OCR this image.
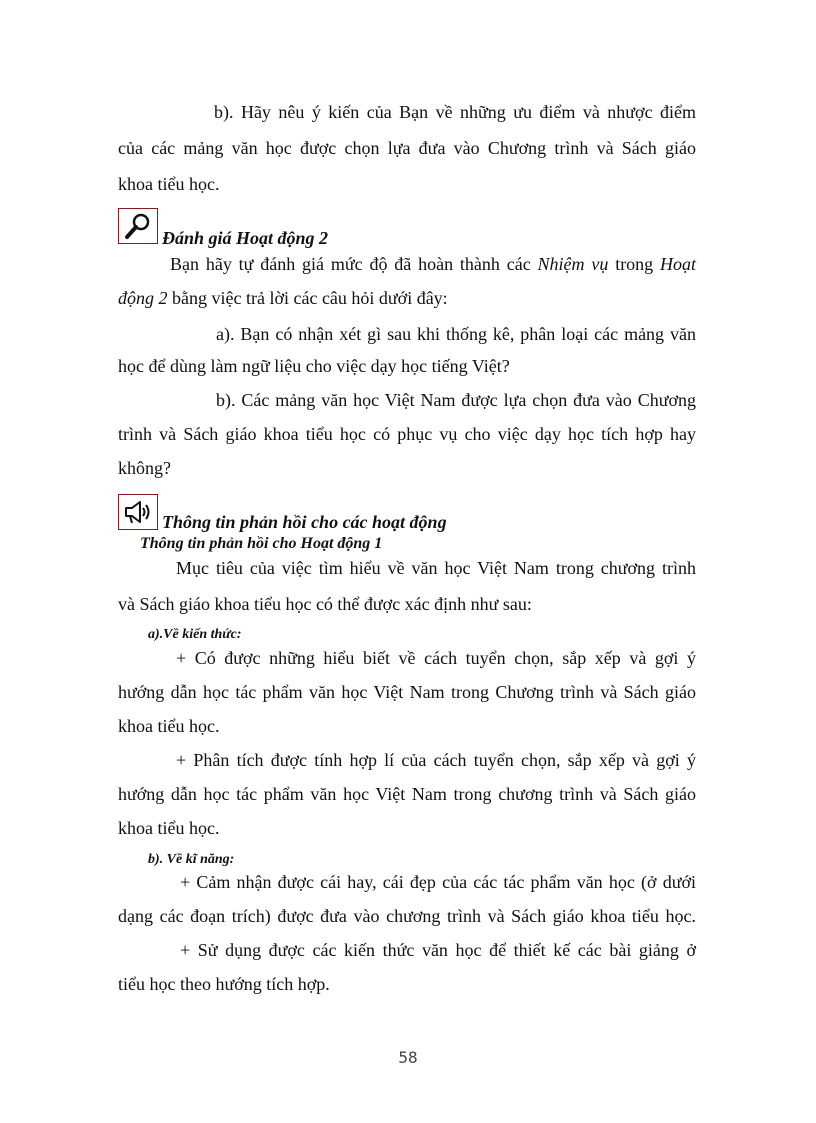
b). Hãy nêu ý kiến của Bạn về những ưu điểm và nhược điểm

của các mảng văn học được chọn lựa đưa vào Chương trình và Sách giáo

khoa tiểu học.

Đánh giá Hoạt động 2

Bạn hãy tự đánh giá mức độ đã hoàn thành các Nhiệm vụ trong Hoạt

động 2 bằng việc trả lời các câu hỏi dưới đây:

a). Bạn có nhận xét gì sau khi thống kê, phân loại các mảng văn

học để dùng làm ngữ liệu cho việc dạy học tiếng Việt?

b). Các mảng văn học Việt Nam được lựa chọn đưa vào Chương

trình và Sách giáo khoa tiểu học có phục vụ cho việc dạy học tích hợp hay

không?

Thông tin phản hồi cho các hoạt động
Thông tin phản hồi cho Hoạt động 1

Mục tiêu của việc tìm hiểu về văn học Việt Nam trong chương trình

và Sách giáo khoa tiểu học có thể được xác định như sau:

a).Về kiến thức:

+ Có được những hiểu biết về cách tuyển chọn, sắp xếp và gợi ý

hướng dẫn học tác phẩm văn học Việt Nam trong Chương trình và Sách giáo

khoa tiểu học.

+ Phân tích được tính hợp lí của cách tuyển chọn, sắp xếp và gợi ý

hướng dẫn học tác phẩm văn học Việt Nam trong chương trình và Sách giáo

khoa tiểu học.

b). Về kĩ năng:

+ Cảm nhận được cái hay, cái đẹp của các tác phẩm văn học (ở dưới

dạng các đoạn trích) được đưa vào chương trình và Sách giáo khoa tiểu học.

+ Sử dụng được các kiến thức văn học để thiết kế các bài giảng ở

tiểu học theo hướng tích hợp.

58
